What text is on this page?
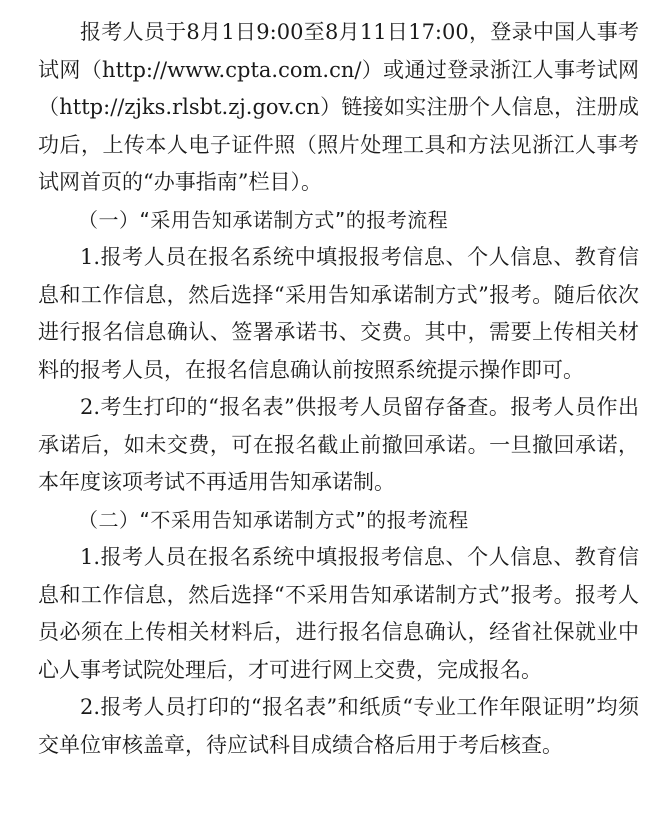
报考人员于8月1日9:00至8月11日17:00，登录中国人事考试网（http://www.cpta.com.cn/）或通过登录浙江人事考试网（http://zjks.rlsbt.zj.gov.cn）链接如实注册个人信息，注册成功后，上传本人电子证件照（照片处理工具和方法见浙江人事考试网首页的“办事指南”栏目）。

（一）“采用告知承诺制方式”的报考流程

1.报考人员在报名系统中填报报考信息、个人信息、教育信息和工作信息，然后选择“采用告知承诺制方式”报考。随后依次进行报名信息确认、签署承诺书、交费。其中，需要上传相关材料的报考人员，在报名信息确认前按照系统提示操作即可。

2.考生打印的“报名表”供报考人员留存备查。报考人员作出承诺后，如未交费，可在报名截止前撤回承诺。一旦撤回承诺，本年度该项考试不再适用告知承诺制。

（二）“不采用告知承诺制方式”的报考流程

1.报考人员在报名系统中填报报考信息、个人信息、教育信息和工作信息，然后选择“不采用告知承诺制方式”报考。报考人员必须在上传相关材料后，进行报名信息确认，经省社保就业中心人事考试院处理后，才可进行网上交费，完成报名。

2.报考人员打印的“报名表”和纸质“专业工作年限证明”均须交单位审核盖章，待应试科目成绩合格后用于考后核查。
